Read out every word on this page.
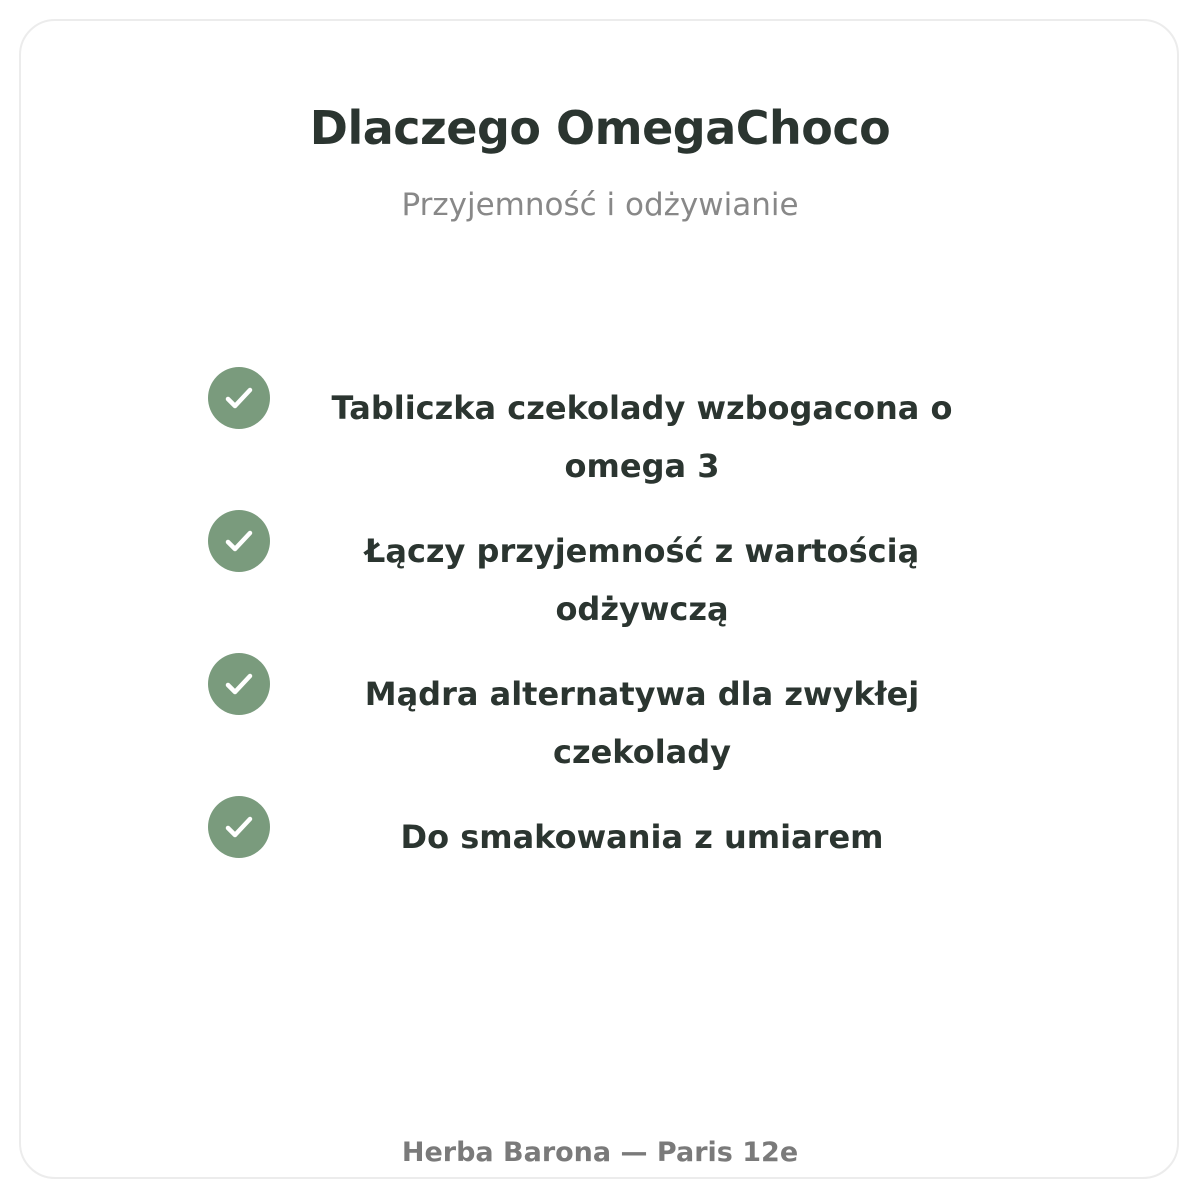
Dlaczego OmegaChoco
Przyjemność i odżywianie
Tabliczka czekolady wzbogacona o omega 3
Łączy przyjemność z wartością odżywczą
Mądra alternatywa dla zwykłej czekolady
Do smakowania z umiarem
Herba Barona — Paris 12e
